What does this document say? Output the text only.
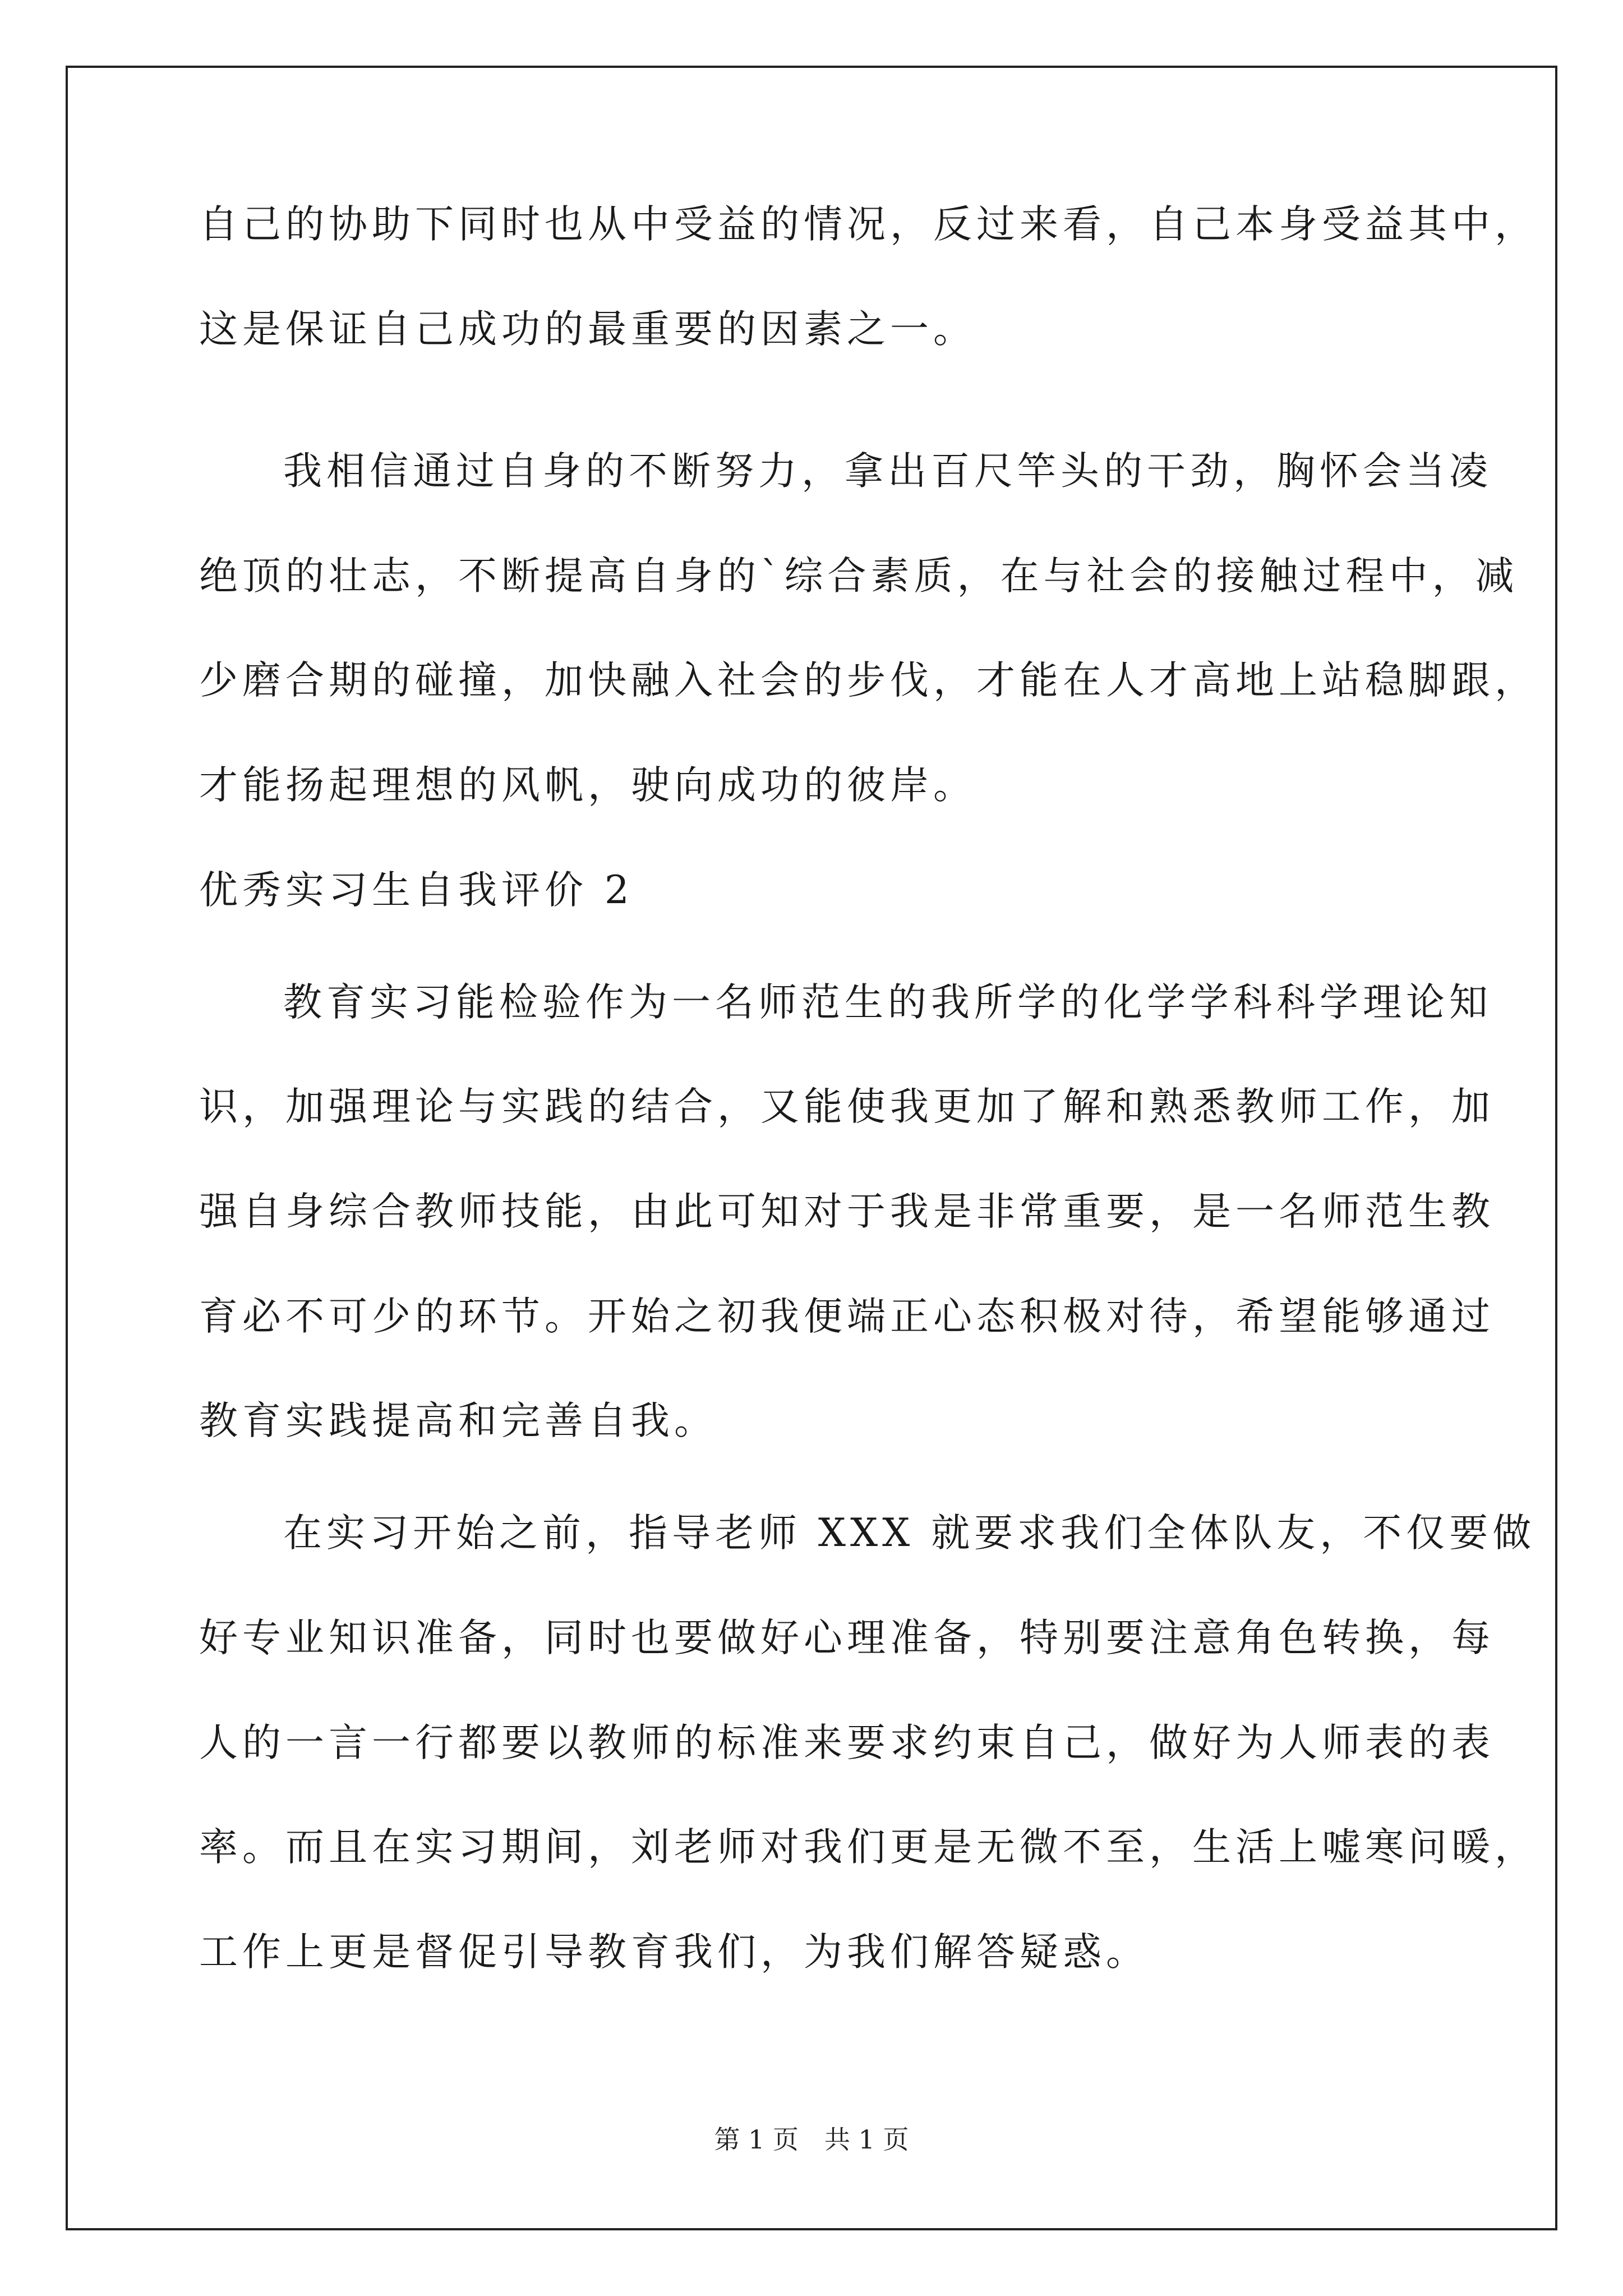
自己的协助下同时也从中受益的情况，反过来看，自己本身受益其中，
这是保证自己成功的最重要的因素之一。
我相信通过自身的不断努力，拿出百尺竿头的干劲，胸怀会当凌
绝顶的壮志，不断提高自身的`综合素质，在与社会的接触过程中，减
少磨合期的碰撞，加快融入社会的步伐，才能在人才高地上站稳脚跟，
才能扬起理想的风帆，驶向成功的彼岸。
优秀实习生自我评价 2
教育实习能检验作为一名师范生的我所学的化学学科科学理论知
识，加强理论与实践的结合，又能使我更加了解和熟悉教师工作，加
强自身综合教师技能，由此可知对于我是非常重要，是一名师范生教
育必不可少的环节。开始之初我便端正心态积极对待，希望能够通过
教育实践提高和完善自我。
在实习开始之前，指导老师 XXX 就要求我们全体队友，不仅要做
好专业知识准备，同时也要做好心理准备，特别要注意角色转换，每
人的一言一行都要以教师的标准来要求约束自己，做好为人师表的表
率。而且在实习期间，刘老师对我们更是无微不至，生活上嘘寒问暖，
工作上更是督促引导教育我们，为我们解答疑惑。
第 1 页　共 1 页
